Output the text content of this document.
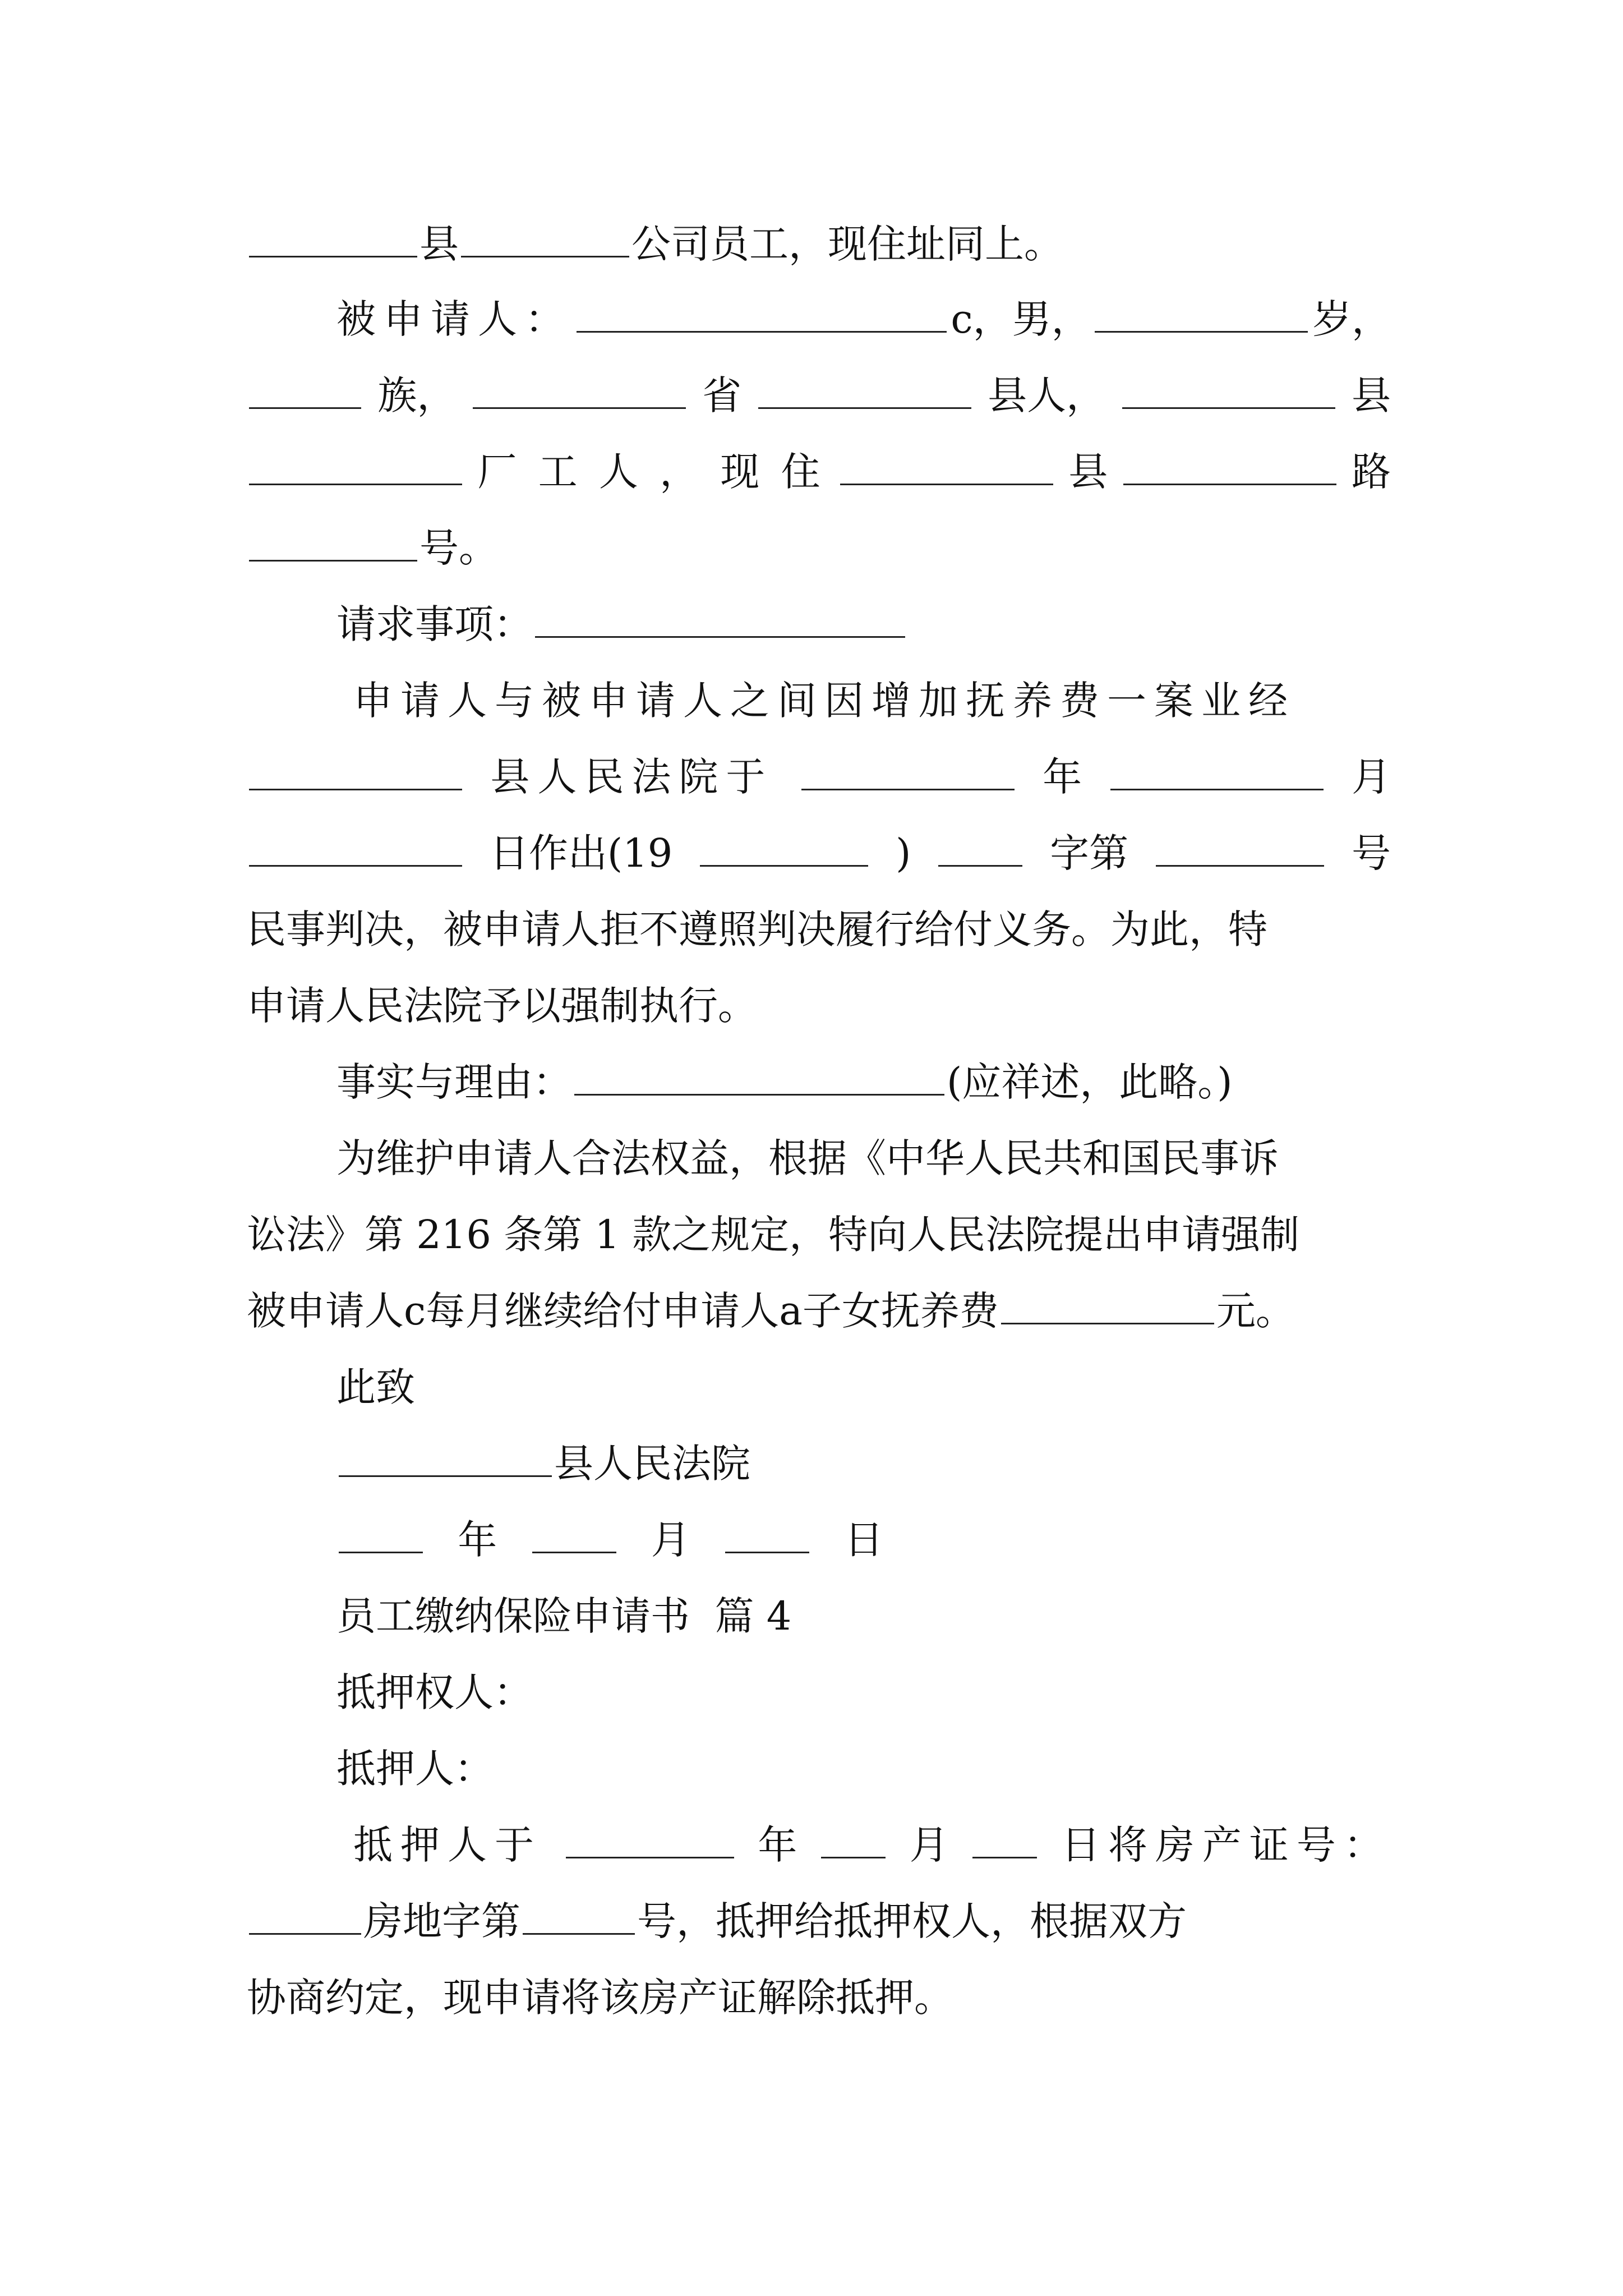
县	公司员工，现住址同上。
被申请人：	c，男，	岁，
族，	省	县人，	县
厂 工 人 ， 现 住	县	路
号。
请求事项：
申请人与被申请人之间因增加抚养费一案业经
县人民法院于	年	月
日作出(19	)	字第	号
民事判决，被申请人拒不遵照判决履行给付义务。为此，特
申请人民法院予以强制执行。
事实与理由：	(应祥述，此略。)
为维护申请人合法权益，根据《中华人民共和国民事诉
讼法》第 216 条第 1 款之规定，特向人民法院提出申请强制
被申请人c每月继续给付申请人a子女抚养费	元。
此致
县人民法院
年	月	日
员工缴纳保险申请书  篇 4
抵押权人：
抵押人：
抵押人于	年	月	日将房产证号：
房地字第	号，抵押给抵押权人，根据双方
协商约定，现申请将该房产证解除抵押。
